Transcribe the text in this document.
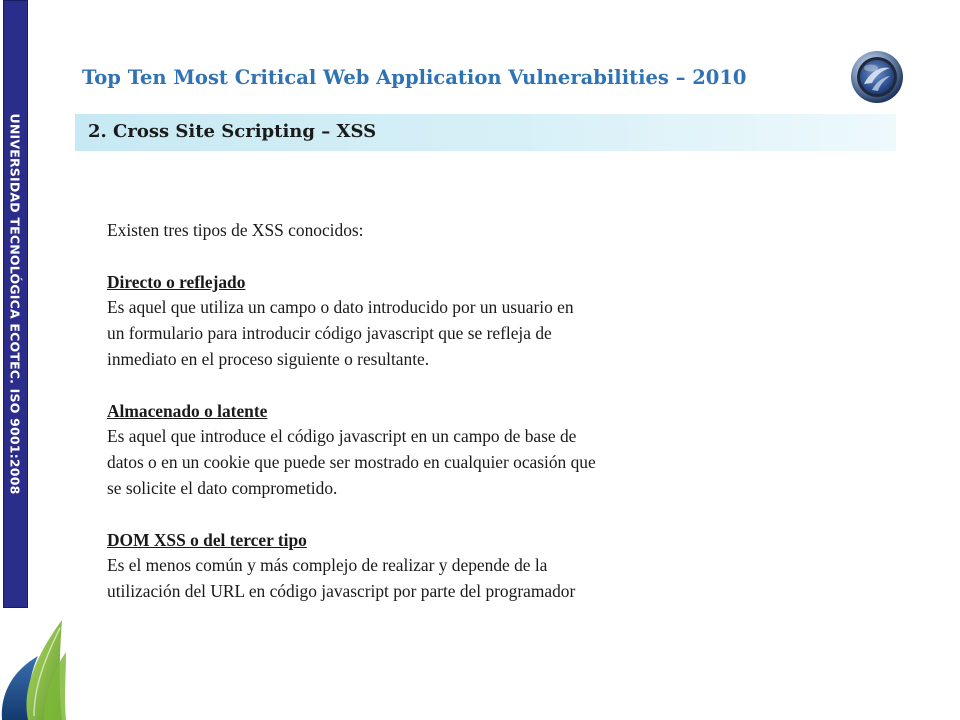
UNIVERSIDAD TECNOLÓGICA ECOTEC. ISO 9001:2008
Top Ten Most Critical Web Application Vulnerabilities – 2010
2. Cross Site Scripting – XSS

Existen tres tipos de XSS conocidos:

Directo o reflejado

Es aquel que utiliza un campo o dato introducido por un usuario en

un formulario para introducir código javascript que se refleja de

inmediato en el proceso siguiente o resultante.

Almacenado o latente

Es aquel que introduce el código javascript en un campo de base de

datos o en un cookie que puede ser mostrado en cualquier ocasión que

se solicite el dato comprometido.

DOM XSS o del tercer tipo

Es el menos común y más complejo de realizar y depende de la

utilización del URL en código javascript por parte del programador
